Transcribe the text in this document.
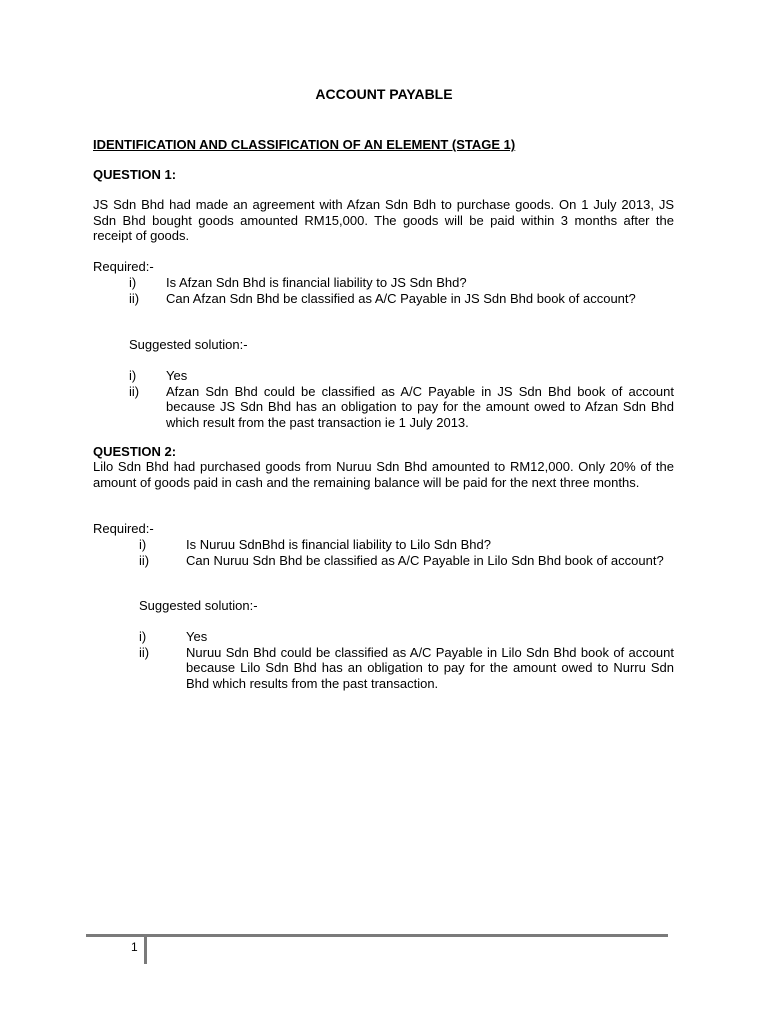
ACCOUNT PAYABLE

IDENTIFICATION AND CLASSIFICATION OF AN ELEMENT (STAGE 1)

QUESTION 1:

JS Sdn Bhd had made an agreement with Afzan Sdn Bdh to purchase goods. On 1 July 2013, JS Sdn Bhd bought goods amounted RM15,000. The goods will be paid within 3 months after the receipt of goods.

Required:-

i) Is Afzan Sdn Bhd is financial liability to JS Sdn Bhd?
ii) Can Afzan Sdn Bhd be classified as A/C Payable in JS Sdn Bhd book of account?

Suggested solution:-

i) Yes
ii) Afzan Sdn Bhd could be classified as A/C Payable in JS Sdn Bhd book of account because JS Sdn Bhd has an obligation to pay for the amount owed to Afzan Sdn Bhd which result from the past transaction ie 1 July 2013.

QUESTION 2:

Lilo Sdn Bhd had purchased goods from Nuruu Sdn Bhd amounted to RM12,000. Only 20% of the amount of goods paid in cash and the remaining balance will be paid for the next three months.

Required:-

i)	Is Nuruu SdnBhd is financial liability to Lilo Sdn Bhd?
ii)	Can Nuruu Sdn Bhd be classified as A/C Payable in Lilo Sdn Bhd book of account?

Suggested solution:-

i)	Yes
ii)	Nuruu Sdn Bhd could be classified as A/C Payable in Lilo Sdn Bhd book of account because Lilo Sdn Bhd has an obligation to pay for the amount owed to Nurru Sdn Bhd which results from the past transaction.

1
